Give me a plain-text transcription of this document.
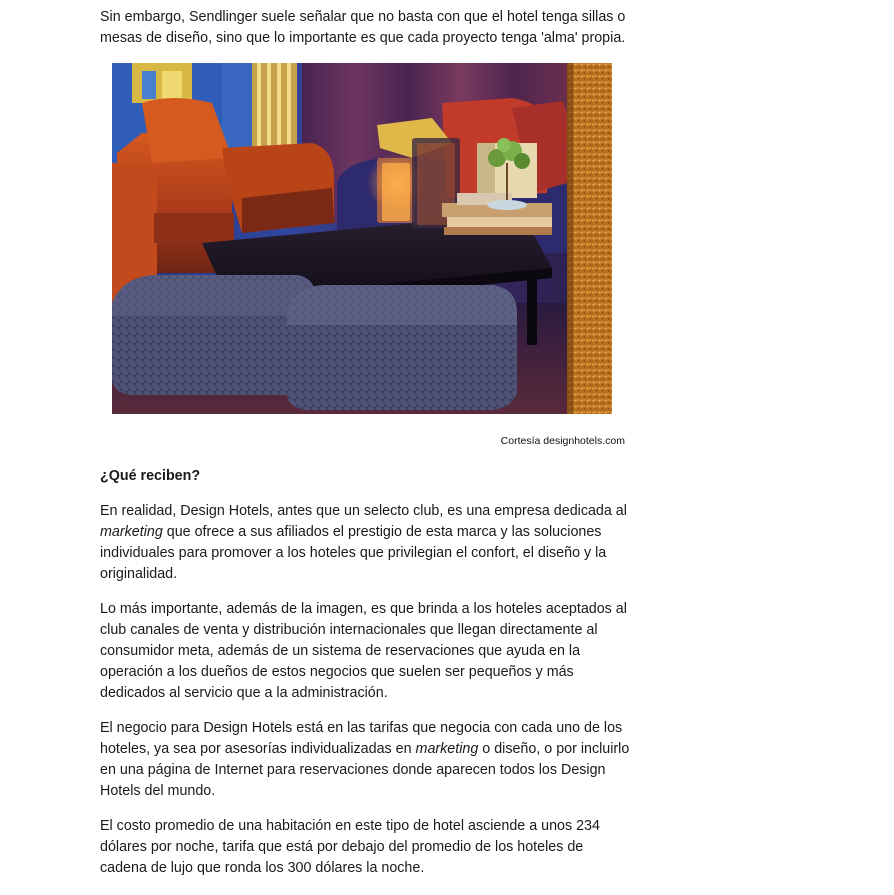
Sin embargo, Sendlinger suele señalar que no basta con que el hotel tenga sillas o mesas de diseño, sino que lo importante es que cada proyecto tenga 'alma' propia.

Cortesía designhotels.com
¿Qué reciben?

En realidad, Design Hotels, antes que un selecto club, es una empresa dedicada al marketing que ofrece a sus afiliados el prestigio de esta marca y las soluciones individuales para promover a los hoteles que privilegian el confort, el diseño y la originalidad.

Lo más importante, además de la imagen, es que brinda a los hoteles aceptados al club canales de venta y distribución internacionales que llegan directamente al consumidor meta, además de un sistema de reservaciones que ayuda en la operación a los dueños de estos negocios que suelen ser pequeños y más dedicados al servicio que a la administración.

El negocio para Design Hotels está en las tarifas que negocia con cada uno de los hoteles, ya sea por asesorías individualizadas en marketing o diseño, o por incluirlo en una página de Internet para reservaciones donde aparecen todos los Design Hotels del mundo.

El costo promedio de una habitación en este tipo de hotel asciende a unos 234 dólares por noche, tarifa que está por debajo del promedio de los hoteles de cadena de lujo que ronda los 300 dólares la noche.
